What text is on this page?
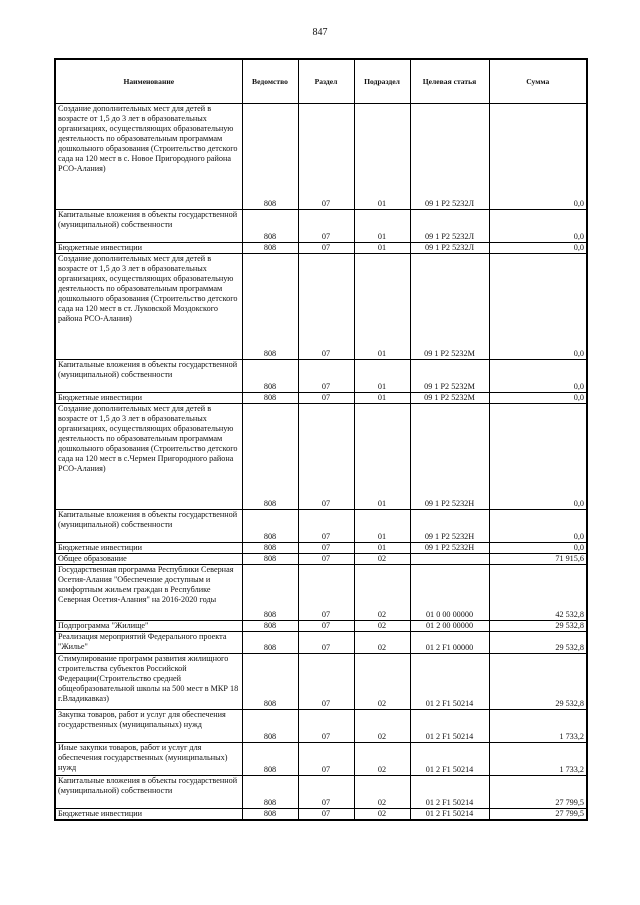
847
Наименование	Ведомство	Раздел	Подраздел	Целевая статья	Сумма
Создание дополнительных мест для детей в возрасте от 1,5 до 3 лет в образовательных организациях, осуществляющих образовательную деятельность по образовательным программам дошкольного образования (Строительство детского сада на 120 мест в с. Новое Пригородного района РСО-Алания)	808	07	01	09 1 P2 5232Л	0,0
Капитальные вложения в объекты государственной (муниципальной) собственности	808	07	01	09 1 P2 5232Л	0,0
Бюджетные инвестиции	808	07	01	09 1 P2 5232Л	0,0
Создание дополнительных мест для детей в возрасте от 1,5 до 3 лет в образовательных организациях, осуществляющих образовательную деятельность по образовательным программам дошкольного образования (Строительство детского сада на 120 мест в ст. Луковской Моздокского района РСО-Алания)	808	07	01	09 1 P2 5232М	0,0
Капитальные вложения в объекты государственной (муниципальной) собственности	808	07	01	09 1 P2 5232М	0,0
Бюджетные инвестиции	808	07	01	09 1 P2 5232М	0,0
Создание дополнительных мест для детей в возрасте от 1,5 до 3 лет в образовательных организациях, осуществляющих образовательную деятельность по образовательным программам дошкольного образования (Строительство детского сада на 120 мест в с.Чермен Пригородного района РСО-Алания)	808	07	01	09 1 P2 5232Н	0,0
Капитальные вложения в объекты государственной (муниципальной) собственности	808	07	01	09 1 P2 5232Н	0,0
Бюджетные инвестиции	808	07	01	09 1 P2 5232Н	0,0
Общее образование	808	07	02		71 915,6
Государственная программа Республики Северная Осетия-Алания "Обеспечение доступным и комфортным жильем граждан в Республике Северная Осетия-Алания" на 2016-2020 годы	808	07	02	01 0 00 00000	42 532,8
Подпрограмма "Жилище"	808	07	02	01 2 00 00000	29 532,8
Реализация мероприятий Федерального проекта "Жилье"	808	07	02	01 2 F1 00000	29 532,8
Стимулирование программ развития жилищного строительства субъектов Российской Федерации(Строительство средней общеобразовательной школы на 500 мест в МКР 18 г.Владикавказ)	808	07	02	01 2 F1 50214	29 532,8
Закупка товаров, работ и услуг для обеспечения государственных (муниципальных) нужд	808	07	02	01 2 F1 50214	1 733,2
Иные закупки товаров, работ и услуг для обеспечения государственных (муниципальных) нужд	808	07	02	01 2 F1 50214	1 733,2
Капитальные вложения в объекты государственной (муниципальной) собственности	808	07	02	01 2 F1 50214	27 799,5
Бюджетные инвестиции	808	07	02	01 2 F1 50214	27 799,5
